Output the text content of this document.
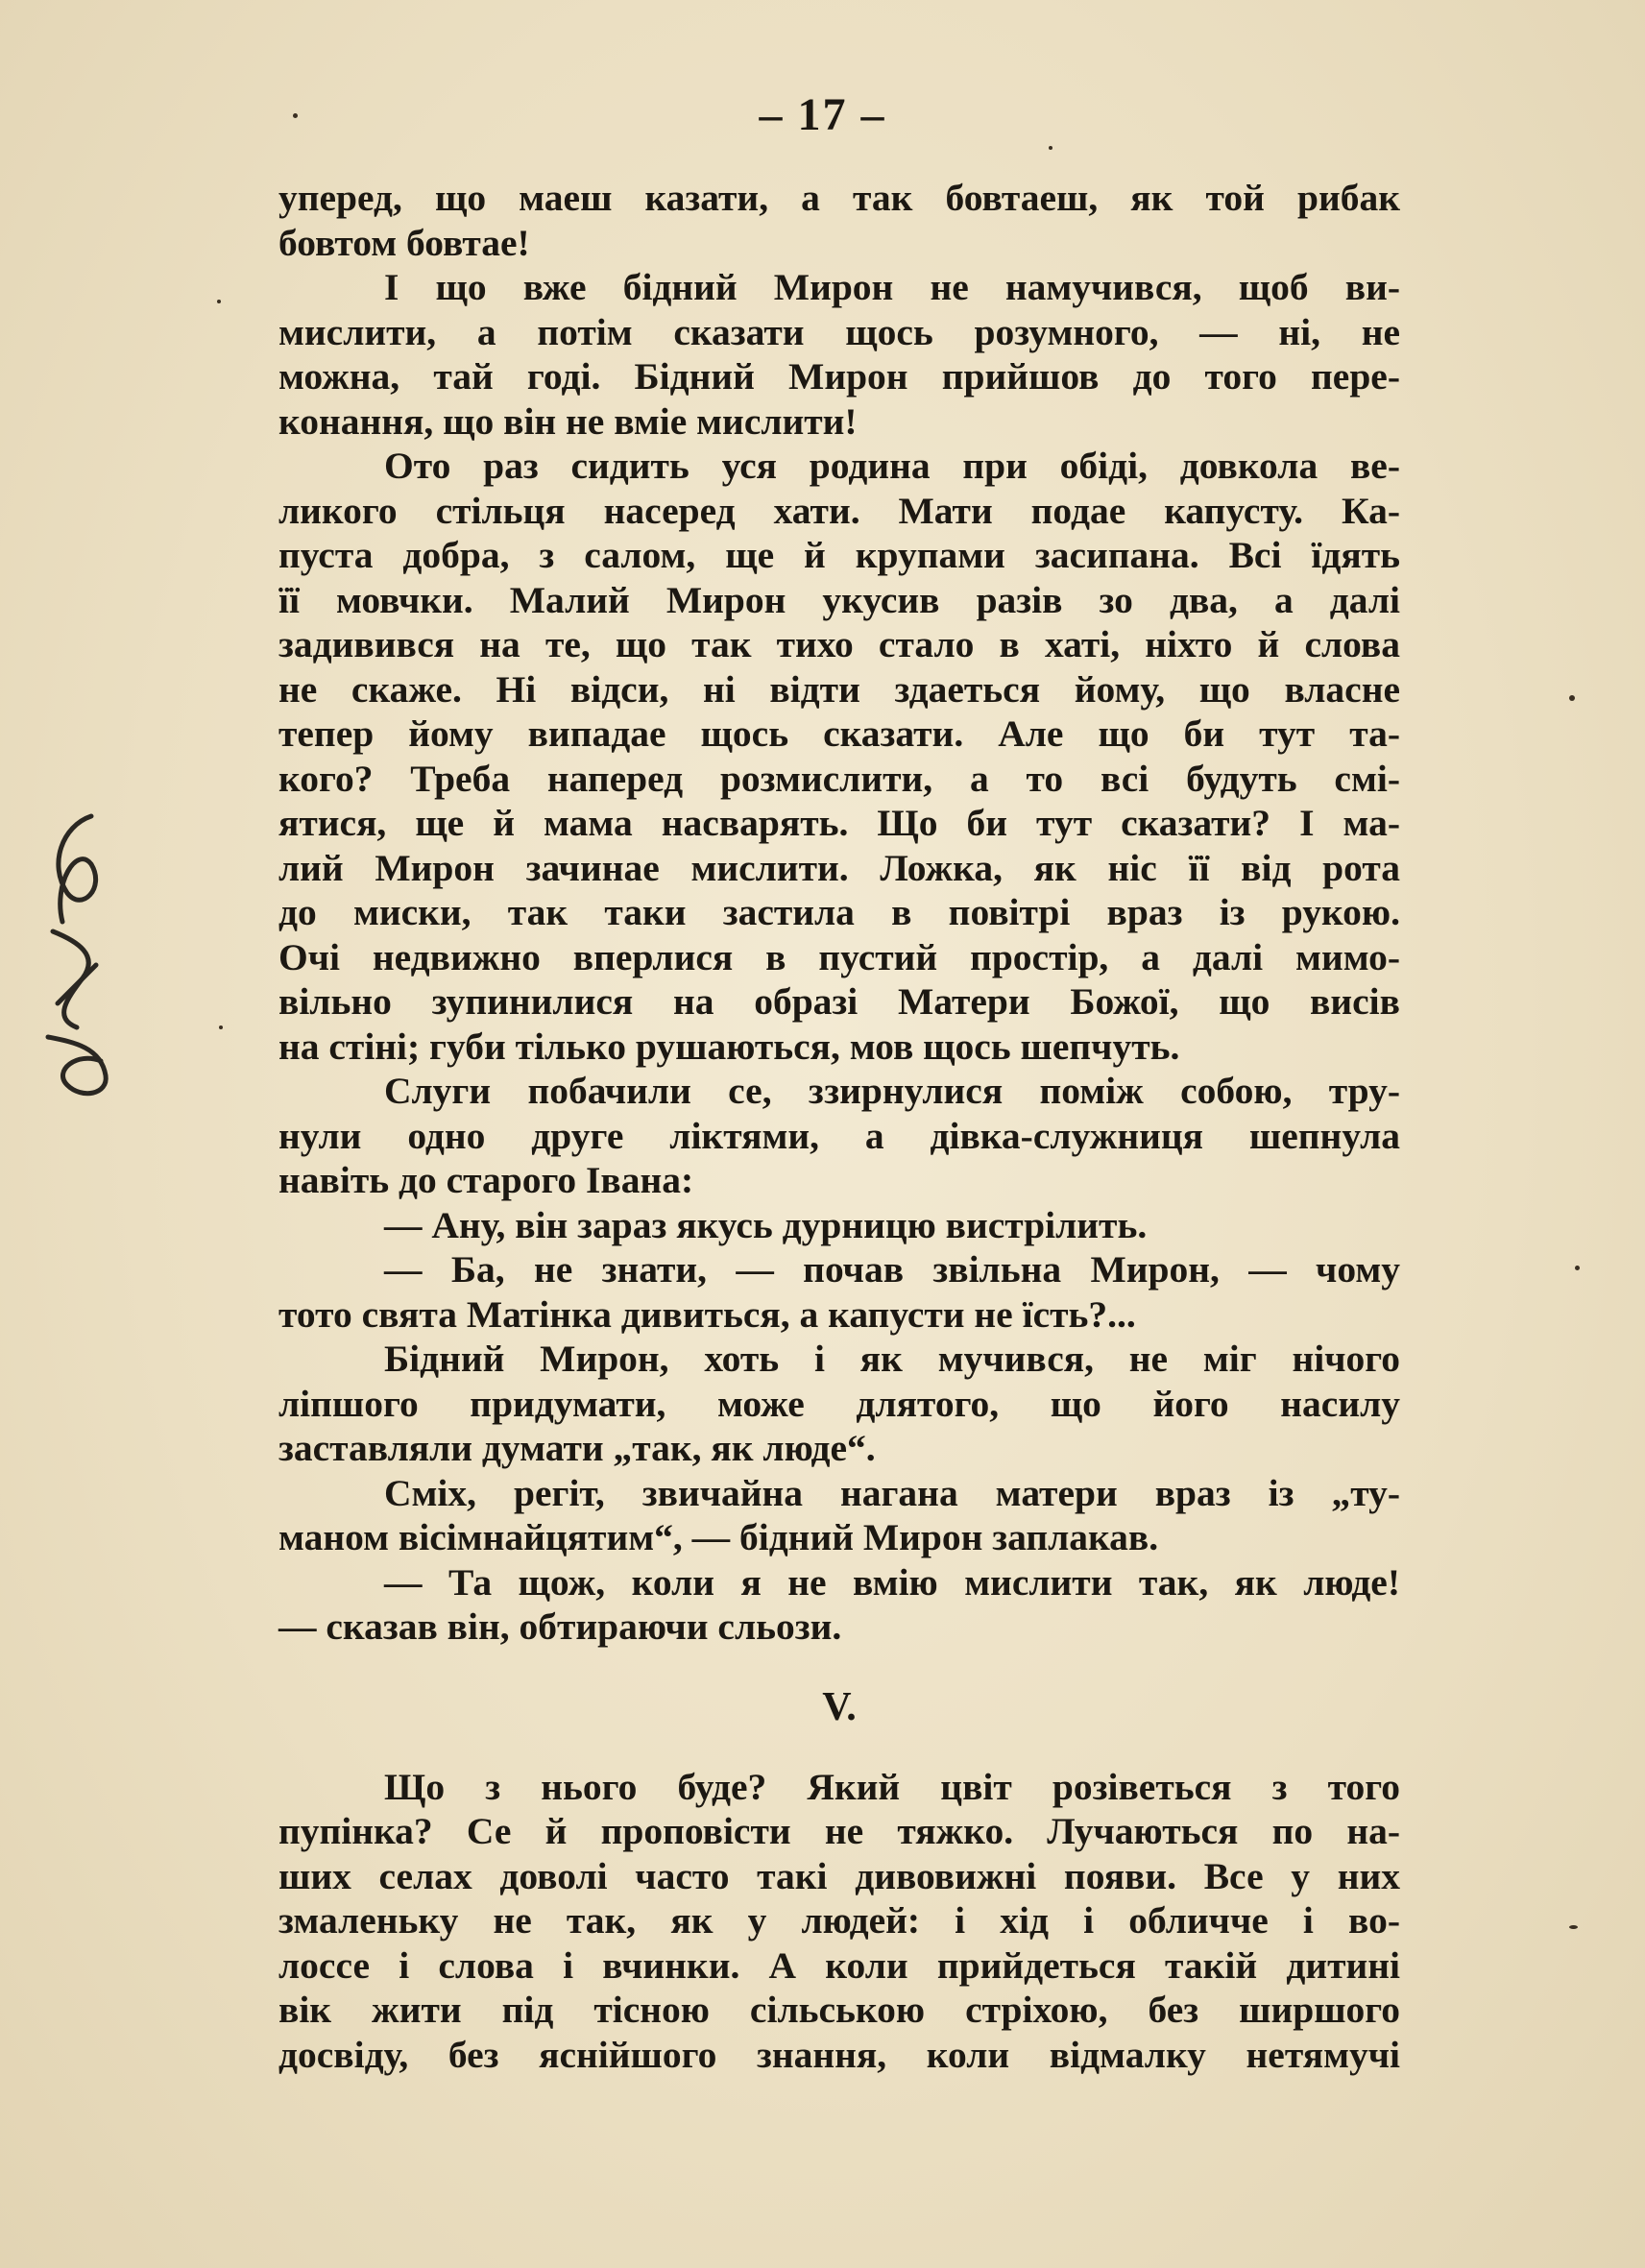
– 17 –
уперед, що маеш казати, а так бовтаеш, як той рибак
бовтом бовтае!
І що вже бідний Мирон не намучився, щоб ви-
мислити, а потім сказати щось розумного, — ні, не
можна, тай годі. Бідний Мирон прийшов до того пере-
конання, що він не вміе мислити!
Ото раз сидить уся родина при обіді, довкола ве-
ликого стільця насеред хати. Мати подае капусту. Ка-
пуста добра, з салом, ще й крупами засипана. Всі їдять
її мовчки. Малий Мирон укусив разів зо два, а далі
задивився на те, що так тихо стало в хаті, ніхто й слова
не скаже. Ні відси, ні відти здаеться йому, що власне
тепер йому випадае щось сказати. Але що би тут та-
кого? Треба наперед розмислити, а то всі будуть смі-
ятися, ще й мама насварять. Що би тут сказати? І ма-
лий Мирон зачинае мислити. Ложка, як ніс її від рота
до миски, так таки застила в повітрі враз із рукою.
Очі недвижно вперлися в пустий простір, а далі мимо-
вільно зупинилися на образі Матери Божої, що висів
на стіні; губи тілько рушаються, мов щось шепчуть.
Слуги побачили се, ззирнулися поміж собою, тру-
нули одно друге ліктями, а дівка-служниця шепнула
навіть до старого Івана:
— Ану, він зараз якусь дурницю вистрілить.
— Ба, не знати, — почав звільна Мирон, — чому
тото свята Матінка дивиться, а капусти не їсть?...
Бідний Мирон, хоть і як мучився, не міг нічого
ліпшого придумати, може длятого, що його насилу
заставляли думати „так, як люде“.
Сміх, регіт, звичайна нагана матери враз із „ту-
маном вісімнайцятим“, — бідний Мирон заплакав.
— Та щож, коли я не вмію мислити так, як люде!
— сказав він, обтираючи сльози.
V.
Що з нього буде? Який цвіт розіветься з того
пупінка? Се й проповісти не тяжко. Лучаються по на-
ших селах доволі часто такі дивовижні появи. Все у них
змаленьку не так, як у людей: і хід і обличче і во-
лоссе і слова і вчинки. А коли прийдеться такій дитині
вік жити під тісною сільською стріхою, без ширшого
досвіду, без яснійшого знання, коли відмалку нетямучі
